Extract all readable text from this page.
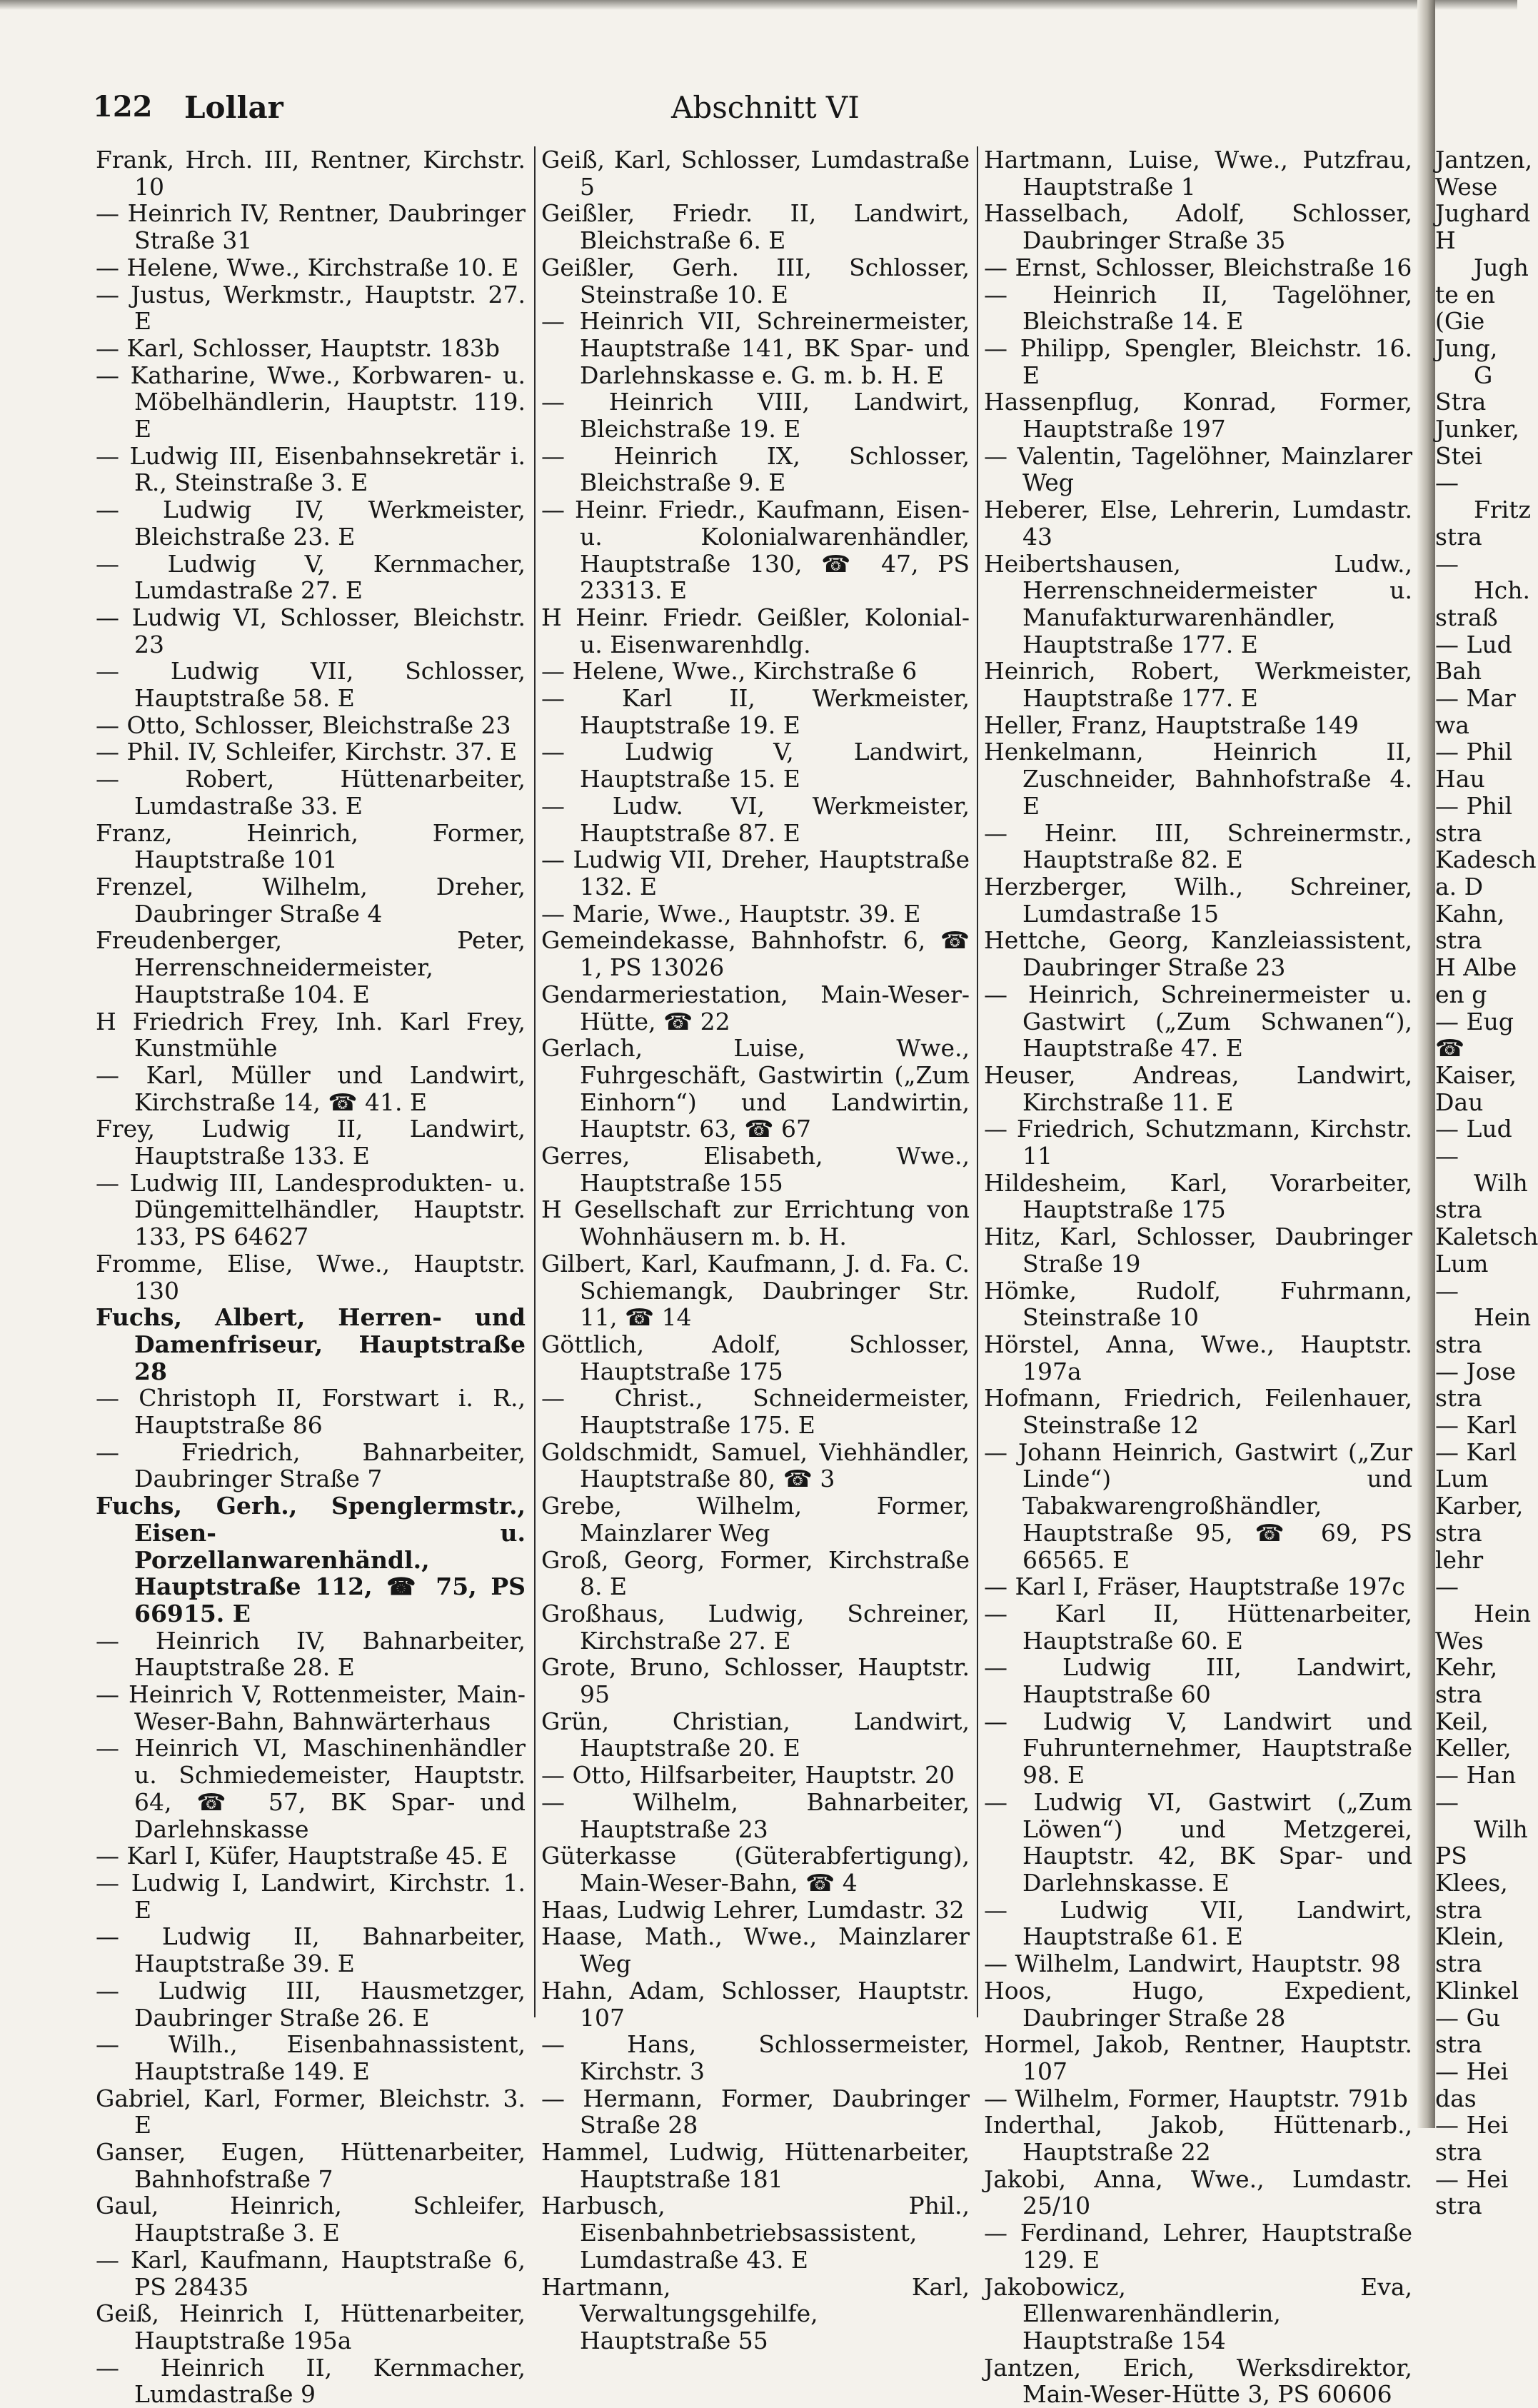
122 Lollar	Abschnitt VI

Frank, Hrch. III, Rentner, Kirchstr. 10

— Heinrich IV, Rentner, Daubringer Straße 31

— Helene, Wwe., Kirchstraße 10. E

— Justus, Werkmstr., Hauptstr. 27. E

— Karl, Schlosser, Hauptstr. 183b

— Katharine, Wwe., Korbwaren- u. Möbelhändlerin, Hauptstr. 119. E

— Ludwig III, Eisenbahnsekretär i. R., Steinstraße 3. E

— Ludwig IV, Werkmeister, Bleichstraße 23. E

— Ludwig V, Kernmacher, Lumdastraße 27. E

— Ludwig VI, Schlosser, Bleichstr. 23

— Ludwig VII, Schlosser, Hauptstraße 58. E

— Otto, Schlosser, Bleichstraße 23

— Phil. IV, Schleifer, Kirchstr. 37. E

— Robert, Hüttenarbeiter, Lumdastraße 33. E

Franz, Heinrich, Former, Hauptstraße 101

Frenzel, Wilhelm, Dreher, Daubringer Straße 4

Freudenberger, Peter, Herrenschneidermeister, Hauptstraße 104. E

H Friedrich Frey, Inh. Karl Frey, Kunstmühle

— Karl, Müller und Landwirt, Kirchstraße 14, ☎ 41. E

Frey, Ludwig II, Landwirt, Hauptstraße 133. E

— Ludwig III, Landesprodukten- u. Düngemittelhändler, Hauptstr. 133, PS 64627

Fromme, Elise, Wwe., Hauptstr. 130

Fuchs, Albert, Herren- und Damenfriseur, Hauptstraße 28

— Christoph II, Forstwart i. R., Hauptstraße 86

— Friedrich, Bahnarbeiter, Daubringer Straße 7

Fuchs, Gerh., Spenglermstr., Eisen- u. Porzellanwarenhändl., Hauptstraße 112, ☎ 75, PS 66915. E

— Heinrich IV, Bahnarbeiter, Hauptstraße 28. E

— Heinrich V, Rottenmeister, Main-Weser-Bahn, Bahnwärterhaus

— Heinrich VI, Maschinenhändler u. Schmiedemeister, Hauptstr. 64, ☎ 57, BK Spar- und Darlehnskasse

— Karl I, Küfer, Hauptstraße 45. E

— Ludwig I, Landwirt, Kirchstr. 1. E

— Ludwig II, Bahnarbeiter, Hauptstraße 39. E

— Ludwig III, Hausmetzger, Daubringer Straße 26. E

— Wilh., Eisenbahnassistent, Hauptstraße 149. E

Gabriel, Karl, Former, Bleichstr. 3. E

Ganser, Eugen, Hüttenarbeiter, Bahnhofstraße 7

Gaul, Heinrich, Schleifer, Hauptstraße 3. E

— Karl, Kaufmann, Hauptstraße 6, PS 28435

Geiß, Heinrich I, Hüttenarbeiter, Hauptstraße 195a

— Heinrich II, Kernmacher, Lumdastraße 9

Geiß, Karl, Schlosser, Lumdastraße 5

Geißler, Friedr. II, Landwirt, Bleichstraße 6. E

Geißler, Gerh. III, Schlosser, Steinstraße 10. E

— Heinrich VII, Schreinermeister, Hauptstraße 141, BK Spar- und Darlehnskasse e. G. m. b. H. E

— Heinrich VIII, Landwirt, Bleichstraße 19. E

— Heinrich IX, Schlosser, Bleichstraße 9. E

— Heinr. Friedr., Kaufmann, Eisen- u. Kolonialwarenhändler, Hauptstraße 130, ☎ 47, PS 23313. E

H Heinr. Friedr. Geißler, Kolonial- u. Eisenwarenhdlg.

— Helene, Wwe., Kirchstraße 6

— Karl II, Werkmeister, Hauptstraße 19. E

— Ludwig V, Landwirt, Hauptstraße 15. E

— Ludw. VI, Werkmeister, Hauptstraße 87. E

— Ludwig VII, Dreher, Hauptstraße 132. E

— Marie, Wwe., Hauptstr. 39. E

Gemeindekasse, Bahnhofstr. 6, ☎ 1, PS 13026

Gendarmeriestation, Main-Weser-Hütte, ☎ 22

Gerlach, Luise, Wwe., Fuhrgeschäft, Gastwirtin („Zum Einhorn“) und Landwirtin, Hauptstr. 63, ☎ 67

Gerres, Elisabeth, Wwe., Hauptstraße 155

H Gesellschaft zur Errichtung von Wohnhäusern m. b. H.

Gilbert, Karl, Kaufmann, J. d. Fa. C. Schiemangk, Daubringer Str. 11, ☎ 14

Göttlich, Adolf, Schlosser, Hauptstraße 175

— Christ., Schneidermeister, Hauptstraße 175. E

Goldschmidt, Samuel, Viehhändler, Hauptstraße 80, ☎ 3

Grebe, Wilhelm, Former, Mainzlarer Weg

Groß, Georg, Former, Kirchstraße 8. E

Großhaus, Ludwig, Schreiner, Kirchstraße 27. E

Grote, Bruno, Schlosser, Hauptstr. 95

Grün, Christian, Landwirt, Hauptstraße 20. E

— Otto, Hilfsarbeiter, Hauptstr. 20

— Wilhelm, Bahnarbeiter, Hauptstraße 23

Güterkasse (Güterabfertigung), Main-Weser-Bahn, ☎ 4

Haas, Ludwig Lehrer, Lumdastr. 32

Haase, Math., Wwe., Mainzlarer Weg

Hahn, Adam, Schlosser, Hauptstr. 107

— Hans, Schlossermeister, Kirchstr. 3

— Hermann, Former, Daubringer Straße 28

Hammel, Ludwig, Hüttenarbeiter, Hauptstraße 181

Harbusch, Phil., Eisenbahnbetriebsassistent, Lumdastraße 43. E

Hartmann, Karl, Verwaltungsgehilfe, Hauptstraße 55

Hartmann, Luise, Wwe., Putzfrau, Hauptstraße 1

Hasselbach, Adolf, Schlosser, Daubringer Straße 35

— Ernst, Schlosser, Bleichstraße 16

— Heinrich II, Tagelöhner, Bleichstraße 14. E

— Philipp, Spengler, Bleichstr. 16. E

Hassenpflug, Konrad, Former, Hauptstraße 197

— Valentin, Tagelöhner, Mainzlarer Weg

Heberer, Else, Lehrerin, Lumdastr. 43

Heibertshausen, Ludw., Herrenschneidermeister u. Manufakturwarenhändler, Hauptstraße 177. E

Heinrich, Robert, Werkmeister, Hauptstraße 177. E

Heller, Franz, Hauptstraße 149

Henkelmann, Heinrich II, Zuschneider, Bahnhofstraße 4. E

— Heinr. III, Schreinermstr., Hauptstraße 82. E

Herzberger, Wilh., Schreiner, Lumdastraße 15

Hettche, Georg, Kanzleiassistent, Daubringer Straße 23

— Heinrich, Schreinermeister u. Gastwirt („Zum Schwanen“), Hauptstraße 47. E

Heuser, Andreas, Landwirt, Kirchstraße 11. E

— Friedrich, Schutzmann, Kirchstr. 11

Hildesheim, Karl, Vorarbeiter, Hauptstraße 175

Hitz, Karl, Schlosser, Daubringer Straße 19

Hömke, Rudolf, Fuhrmann, Steinstraße 10

Hörstel, Anna, Wwe., Hauptstr. 197a

Hofmann, Friedrich, Feilenhauer, Steinstraße 12

— Johann Heinrich, Gastwirt („Zur Linde“) und Tabakwarengroßhändler, Hauptstraße 95, ☎ 69, PS 66565. E

— Karl I, Fräser, Hauptstraße 197c

— Karl II, Hüttenarbeiter, Hauptstraße 60. E

— Ludwig III, Landwirt, Hauptstraße 60

— Ludwig V, Landwirt und Fuhrunternehmer, Hauptstraße 98. E

— Ludwig VI, Gastwirt („Zum Löwen“) und Metzgerei, Hauptstr. 42, BK Spar- und Darlehnskasse. E

— Ludwig VII, Landwirt, Hauptstraße 61. E

— Wilhelm, Landwirt, Hauptstr. 98

Hoos, Hugo, Expedient, Daubringer Straße 28

Hormel, Jakob, Rentner, Hauptstr. 107

— Wilhelm, Former, Hauptstr. 791b

Inderthal, Jakob, Hüttenarb., Hauptstraße 22

Jakobi, Anna, Wwe., Lumdastr. 25/10

— Ferdinand, Lehrer, Hauptstraße 129. E

Jakobowicz, Eva, Ellenwarenhändlerin, Hauptstraße 154

Jantzen, Erich, Werksdirektor, Main-Weser-Hütte 3, PS 60606

Jantzen,

Wese

Jughard

H Jugh

te en

(Gie

Jung, G

Stra

Junker,

Stei

— Fritz

stra

— Hch.

straß

— Lud

Bah

— Mar

wa

— Phil

Hau

— Phil

stra

Kadesch

a. D

Kahn,

stra

H Albe

en g

— Eug

☎

Kaiser,

Dau

— Lud

— Wilh

stra

Kaletsch

Lum

— Hein

stra

— Jose

stra

— Karl

— Karl

Lum

Karber,

stra

lehr

— Hein

Wes

Kehr,

stra

Keil,

Keller,

— Han

— Wilh

PS

Klees,

stra

Klein,

stra

Klinkel

— Gu

stra

— Hei

das

— Hei

stra

— Hei

stra
